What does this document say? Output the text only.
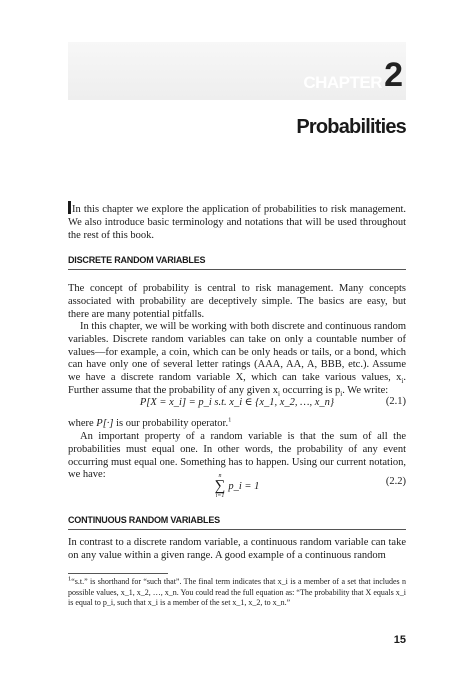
CHAPTER 2
Probabilities
In this chapter we explore the application of probabilities to risk management. We also introduce basic terminology and notations that will be used throughout the rest of this book.
DISCRETE RANDOM VARIABLES

The concept of probability is central to risk management. Many concepts associated with probability are deceptively simple. The basics are easy, but there are many potential pitfalls.

In this chapter, we will be working with both discrete and continuous random variables. Discrete random variables can take on only a countable number of values—for example, a coin, which can be only heads or tails, or a bond, which can have only one of several letter ratings (AAA, AA, A, BBB, etc.). Assume we have a discrete random variable X, which can take various values, $x_i$. Further assume that the probability of any given $x_i$ occurring is $p_i$. We write:

P[X = x_i] = p_i s.t. x_i ∈ {x_1, x_2, …, x_n}	(2.1)

where P[·] is our probability operator.$^1$

An important property of a random variable is that the sum of all the probabilities must equal one. In other words, the probability of any event occurring must equal one. Something has to happen. Using our current notation, we have:	n
∑
i=1
p_i = 1	(2.2)
CONTINUOUS RANDOM VARIABLES

In contrast to a discrete random variable, a continuous random variable can take on any value within a given range. A good example of a continuous random

$^1$“s.t.” is shorthand for “such that”. The final term indicates that x_i is a member of a set that includes n possible values, x_1, x_2, …, x_n. You could read the full equation as: “The probability that X equals x_i is equal to p_i, such that x_i is a member of the set x_1, x_2, to x_n.”
15
